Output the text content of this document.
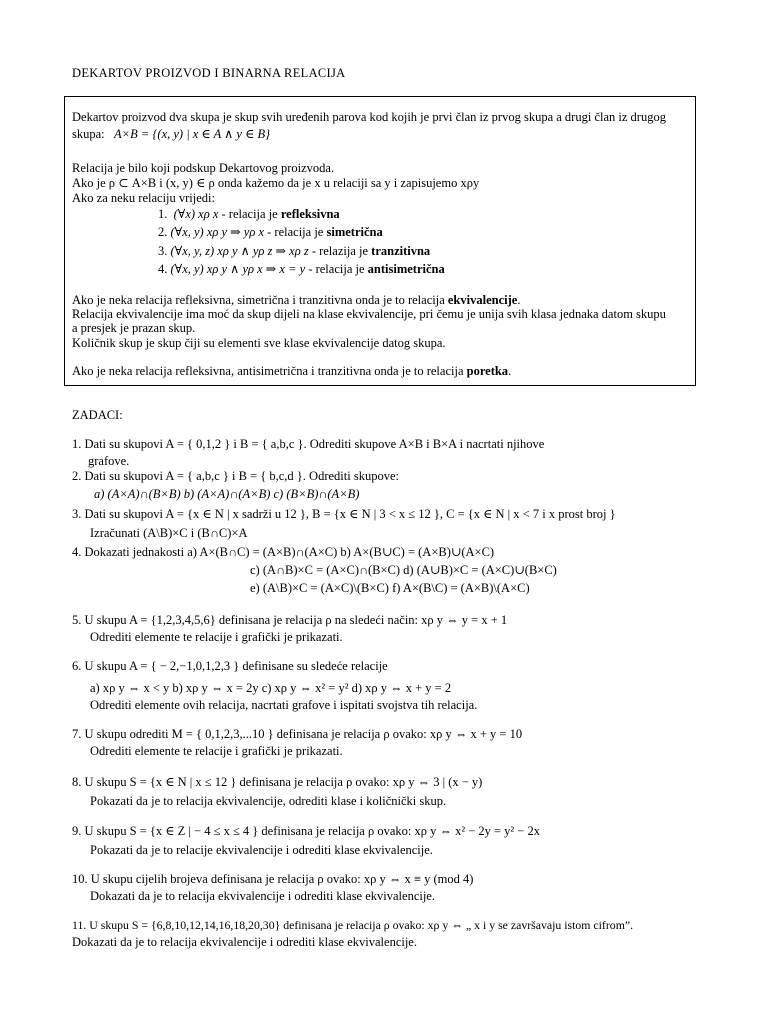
DEKARTOV PROIZVOD I BINARNA RELACIJA
Dekartov proizvod dva skupa je skup svih uređenih parova kod kojih je prvi član iz prvog skupa a drugi član iz drugog
skupa: A×B = {(x, y) | x ∈ A ∧ y ∈ B}
Relacija je bilo koji podskup Dekartovog proizvoda.
Ako je ρ ⊂ A×B i (x, y) ∈ ρ onda kažemo da je x u relaciji sa y i zapisujemo xρy
Ako za neku relaciju vrijedi:
1. (∀x) xρ x - relacija je refleksivna
2. (∀x, y) xρ y ⇒ yρ x - relacija je simetrična
3. (∀x, y, z) xρ y ∧ yρ z ⇒ xρ z - relazija je tranzitivna
4. (∀x, y) xρ y ∧ yρ x ⇒ x = y - relacija je antisimetrična
Ako je neka relacija refleksivna, simetrična i tranzitivna onda je to relacija ekvivalencije.
Relacija ekvivalencije ima moć da skup dijeli na klase ekvivalencije, pri čemu je unija svih klasa jednaka datom skupu
a presjek je prazan skup.
Količnik skup je skup čiji su elementi sve klase ekvivalencije datog skupa.
Ako je neka relacija refleksivna, antisimetrična i tranzitivna onda je to relacija poretka.
ZADACI:
1. Dati su skupovi A = { 0,1,2 } i B = { a,b,c }. Odrediti skupove A×B i B×A i nacrtati njihove
grafove.
2. Dati su skupovi A = { a,b,c } i B = { b,c,d }. Odrediti skupove:
a) (A×A)∩(B×B) b) (A×A)∩(A×B) c) (B×B)∩(A×B)
3. Dati su skupovi A = {x ∈ N | x sadrži u 12 }, B = {x ∈ N | 3 < x ≤ 12 }, C = {x ∈ N | x < 7 i x prost broj }
Izračunati (A\B)×C i (B∩C)×A
4. Dokazati jednakosti a) A×(B∩C) = (A×B)∩(A×C) b) A×(B∪C) = (A×B)∪(A×C)
c) (A∩B)×C = (A×C)∩(B×C) d) (A∪B)×C = (A×C)∪(B×C)
e) (A\B)×C = (A×C)\(B×C) f) A×(B\C) = (A×B)\(A×C)
5. U skupu A = {1,2,3,4,5,6} definisana je relacija ρ na sledeći način: xρ y ⇔ y = x + 1
Odrediti elemente te relacije i grafički je prikazati.
6. U skupu A = { − 2,−1,0,1,2,3 } definisane su sledeće relacije
a) xρ y ⇔ x < y b) xρ y ⇔ x = 2y c) xρ y ⇔ x² = y² d) xρ y ⇔ x + y = 2
Odrediti elemente ovih relacija, nacrtati grafove i ispitati svojstva tih relacija.
7. U skupu odrediti M = { 0,1,2,3,...10 } definisana je relacija ρ ovako: xρ y ⇔ x + y = 10
Odrediti elemente te relacije i grafički je prikazati.
8. U skupu S = {x ∈ N | x ≤ 12 } definisana je relacija ρ ovako: xρ y ⇔ 3 | (x − y)
Pokazati da je to relacija ekvivalencije, odrediti klase i količnički skup.
9. U skupu S = {x ∈ Z | − 4 ≤ x ≤ 4 } definisana je relacija ρ ovako: xρ y ⇔ x² − 2y = y² − 2x
Pokazati da je to relacije ekvivalencije i odrediti klase ekvivalencije.
10. U skupu cijelih brojeva definisana je relacija ρ ovako: xρ y ⇔ x ≡ y (mod 4)
Dokazati da je to relacija ekvivalencije i odrediti klase ekvivalencije.
11. U skupu S = {6,8,10,12,14,16,18,20,30} definisana je relacija ρ ovako: xρ y ⇔ „ x i y se završavaju istom cifrom”.
Dokazati da je to relacija ekvivalencije i odrediti klase ekvivalencije.
